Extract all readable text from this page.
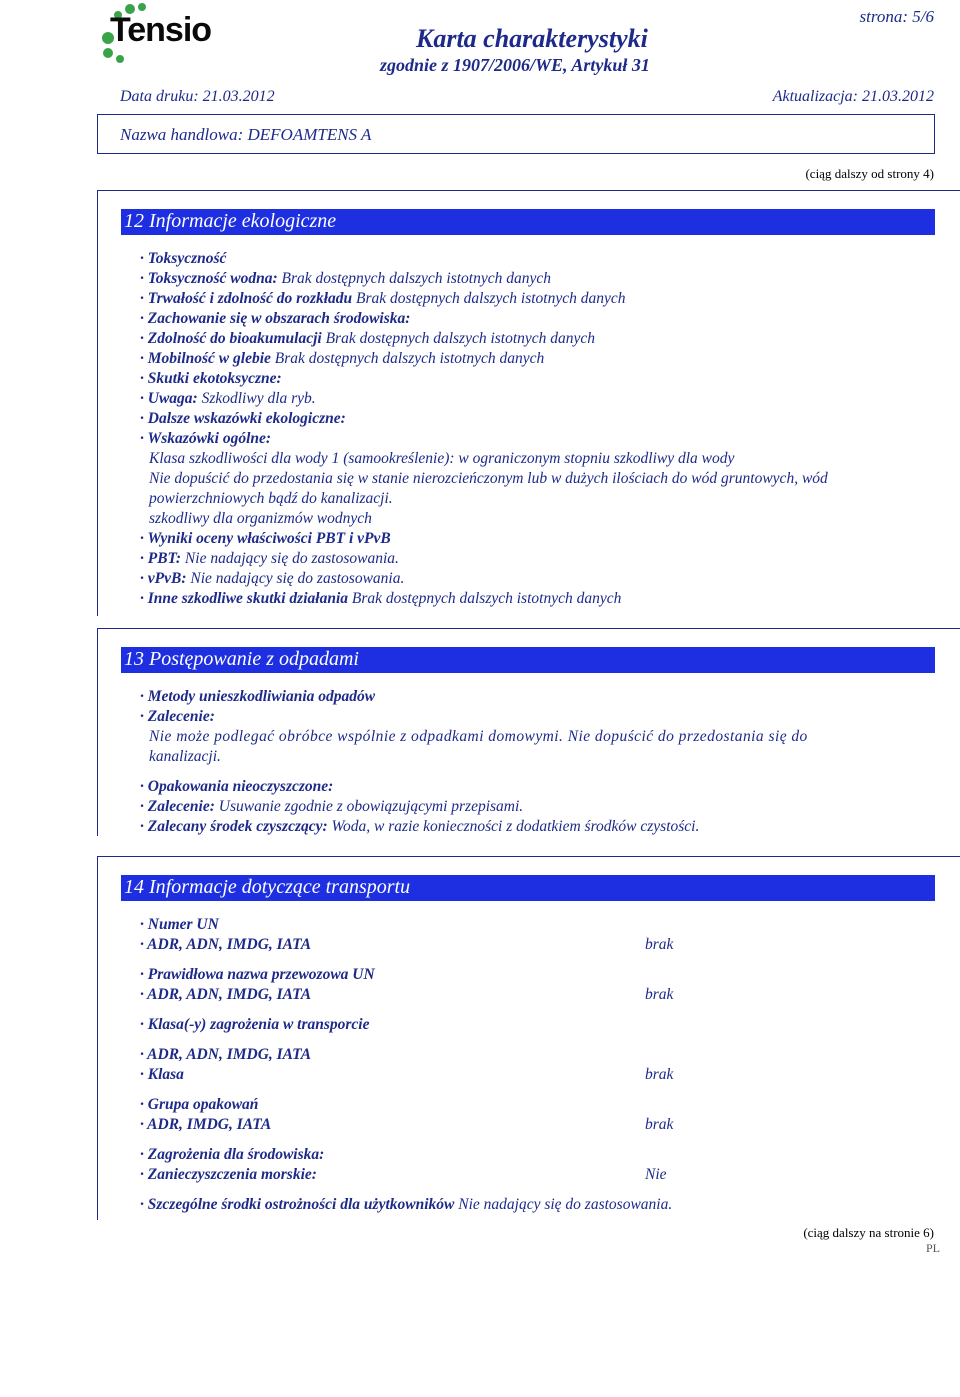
Tensio	Karta charakterystyki
zgodnie z 1907/2006/WE, Artykuł 31
strona: 5/6
Data druku: 21.03.2012	Aktualizacja: 21.03.2012
Nazwa handlowa: DEFOAMTENS A
(ciąg dalszy od strony 4)
12 Informacje ekologiczne
· Toksyczność
· Toksyczność wodna: Brak dostępnych dalszych istotnych danych
· Trwałość i zdolność do rozkładu Brak dostępnych dalszych istotnych danych
· Zachowanie się w obszarach środowiska:
· Zdolność do bioakumulacji Brak dostępnych dalszych istotnych danych
· Mobilność w glebie Brak dostępnych dalszych istotnych danych
· Skutki ekotoksyczne:
· Uwaga: Szkodliwy dla ryb.
· Dalsze wskazówki ekologiczne:
· Wskazówki ogólne:
Klasa szkodliwości dla wody 1 (samookreślenie): w ograniczonym stopniu szkodliwy dla wody
Nie dopuścić do przedostania się w stanie nierozcieńczonym lub w dużych ilościach do wód gruntowych, wód
powierzchniowych bądź do kanalizacji.
szkodliwy dla organizmów wodnych
· Wyniki oceny właściwości PBT i vPvB
· PBT: Nie nadający się do zastosowania.
· vPvB: Nie nadający się do zastosowania.
· Inne szkodliwe skutki działania Brak dostępnych dalszych istotnych danych
13 Postępowanie z odpadami
· Metody unieszkodliwiania odpadów
· Zalecenie:
Nie może podlegać obróbce wspólnie z odpadkami domowymi. Nie dopuścić do przedostania się do
kanalizacji.
· Opakowania nieoczyszczone:
· Zalecenie: Usuwanie zgodnie z obowiązującymi przepisami.
· Zalecany środek czyszczący: Woda, w razie konieczności z dodatkiem środków czystości.
14 Informacje dotyczące transportu
· Numer UN
· ADR, ADN, IMDG, IATA	brak
· Prawidłowa nazwa przewozowa UN
· ADR, ADN, IMDG, IATA	brak
· Klasa(-y) zagrożenia w transporcie
· ADR, ADN, IMDG, IATA
· Klasa	brak
· Grupa opakowań
· ADR, IMDG, IATA	brak
· Zagrożenia dla środowiska:
· Zanieczyszczenia morskie:	Nie
· Szczególne środki ostrożności dla użytkowników Nie nadający się do zastosowania.
(ciąg dalszy na stronie 6)
PL
